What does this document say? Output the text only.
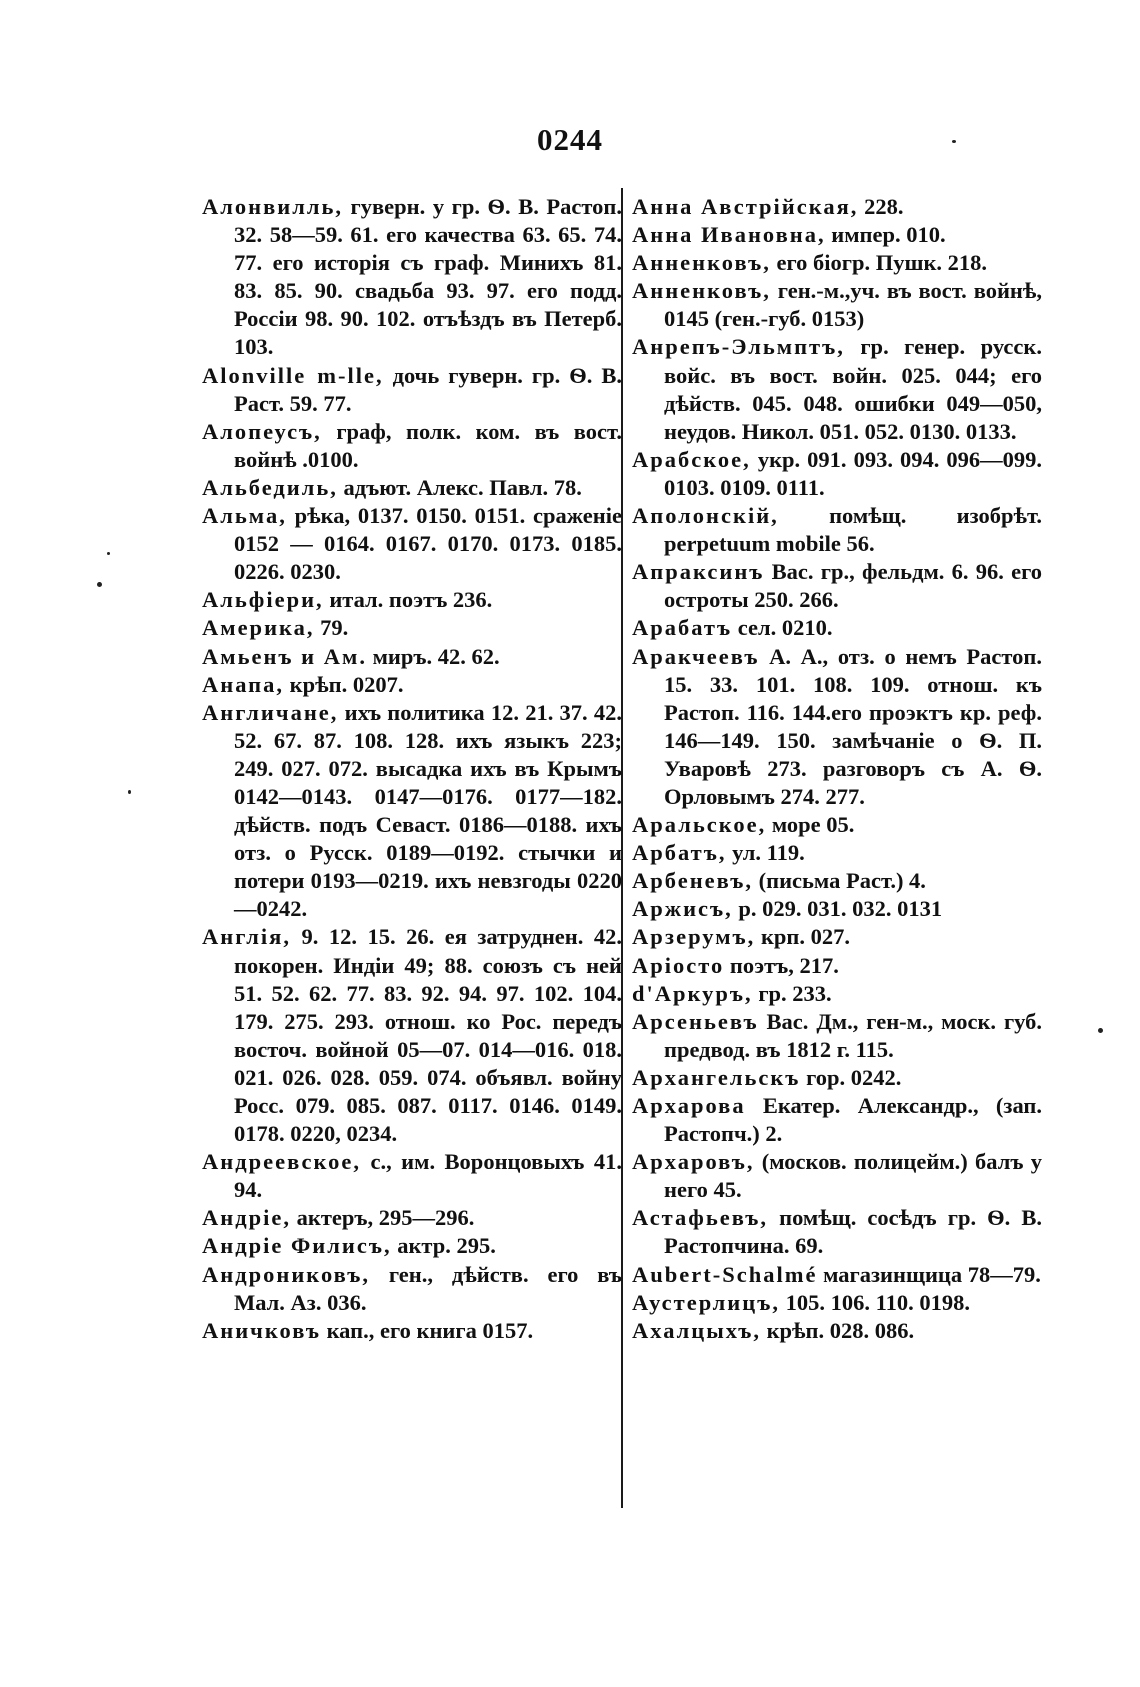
0244

Алонвилль, гуверн. у гр. Ѳ. В. Растоп. 32. 58—59. 61. его качества 63. 65. 74. 77. его исторія съ граф. Минихъ 81. 83. 85. 90. свадьба 93. 97. его подд. Россіи 98. 90. 102. отъѣздъ въ Петерб. 103.

Alonville m-lle, дочь гуверн. гр. Ѳ. В. Раст. 59. 77.

Алопеусъ, граф, полк. ком. въ вост. войнѣ .0100.

Альбедиль, адъют. Алекс. Павл. 78.

Альма, рѣка, 0137. 0150. 0151. сраженіе 0152 — 0164. 0167. 0170. 0173. 0185. 0226. 0230.

Альфіери, итал. поэтъ 236.

Америка, 79.

Амьенъ и Ам. миръ. 42. 62.

Анапа, крѣп. 0207.

Англичане, ихъ политика 12. 21. 37. 42. 52. 67. 87. 108. 128. ихъ языкъ 223; 249. 027. 072. высадка ихъ въ Крымъ 0142—0143. 0147—0176. 0177—182. дѣйств. подъ Севаст. 0186—0188. ихъ отз. о Русск. 0189—0192. стычки и потери 0193—0219. ихъ невзгоды 0220—0242.

Англія, 9. 12. 15. 26. ея затруднен. 42. покорен. Индіи 49; 88. союзъ съ ней 51. 52. 62. 77. 83. 92. 94. 97. 102. 104. 179. 275. 293. отнош. ко Рос. передъ восточ. войной 05—07. 014—016. 018. 021. 026. 028. 059. 074. объявл. войну Росс. 079. 085. 087. 0117. 0146. 0149. 0178. 0220, 0234.

Андреевское, с., им. Воронцовыхъ 41. 94.

Андріе, актеръ, 295—296.

Андріе Филисъ, актр. 295.

Андрониковъ, ген., дѣйств. его въ Мал. Аз. 036.

Аничковъ кап., его книга 0157.

Анна Австрійская, 228.

Анна Ивановна, импер. 010.

Анненковъ, его біогр. Пушк. 218.

Анненковъ, ген.-м.,уч. въ вост. войнѣ, 0145 (ген.-губ. 0153)

Анрепъ-Эльмптъ, гр. генер. русск. войс. въ вост. войн. 025. 044; его дѣйств. 045. 048. ошибки 049—050, неудов. Никол. 051. 052. 0130. 0133.

Арабское, укр. 091. 093. 094. 096—099. 0103. 0109. 0111.

Аполонскій, помѣщ. изобрѣт. perpetuum mobile 56.

Апраксинъ Вас. гр., фельдм. 6. 96. его остроты 250. 266.

Арабатъ сел. 0210.

Аракчеевъ А. А., отз. о немъ Растоп. 15. 33. 101. 108. 109. отнош. къ Растоп. 116. 144.его проэктъ кр. реф. 146—149. 150. замѣчаніе о Ѳ. П. Уваровѣ 273. разговоръ съ А. Ѳ. Орловымъ 274. 277.

Аральское, море 05.

Арбатъ, ул. 119.

Арбеневъ, (письма Раст.) 4.

Аржисъ, р. 029. 031. 032. 0131

Арзерумъ, крп. 027.

Аріосто поэтъ, 217.

d'Аркуръ, гр. 233.

Арсеньевъ Вас. Дм., ген-м., моск. губ. предвод. въ 1812 г. 115.

Архангельскъ гор. 0242.

Архарова Екатер. Александр., (зап. Растопч.) 2.

Архаровъ, (москов. полицейм.) балъ у него 45.

Астафьевъ, помѣщ. сосѣдъ гр. Ѳ. В. Растопчина. 69.

Aubert-Schalmé магазинщица 78—79.

Аустерлицъ, 105. 106. 110. 0198.

Ахалцыхъ, крѣп. 028. 086.
